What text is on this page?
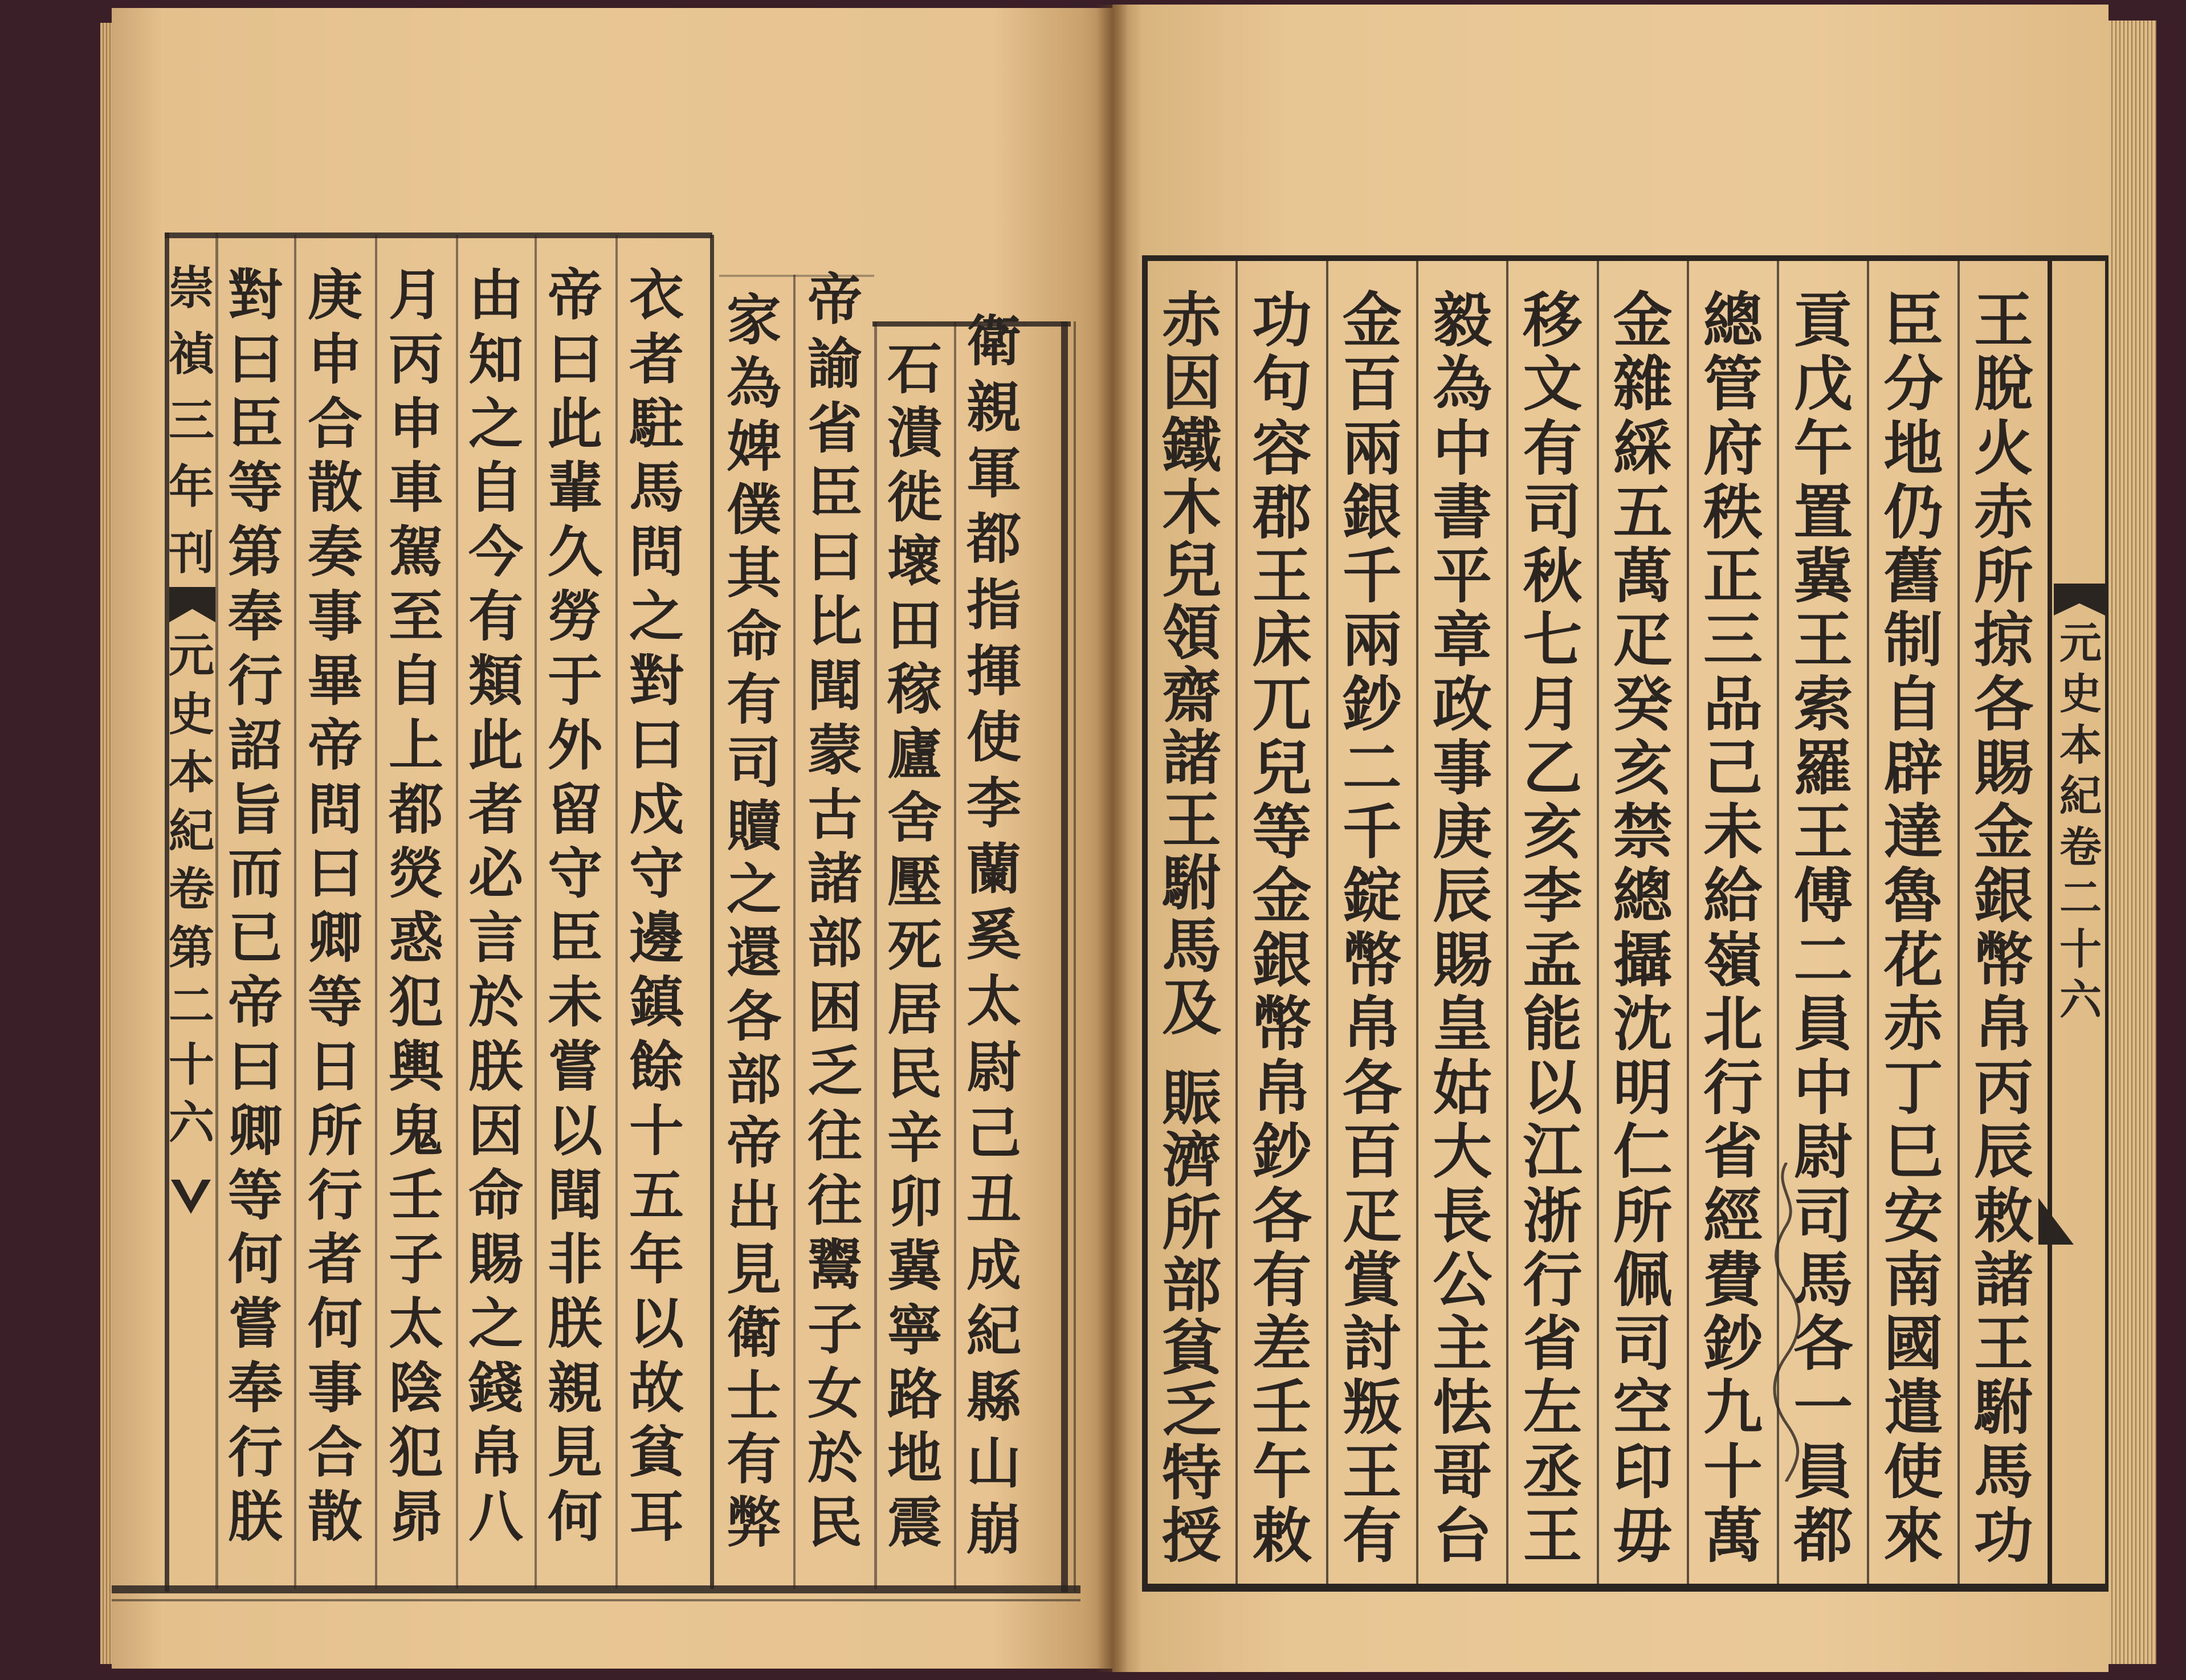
崇
禎
三
年
刊
元
史
本
紀
卷
第
二
十
六
衛
親
軍
都
指
揮
使
李
蘭
奚
太
尉
己
丑
成
紀
縣
山
崩
石
潰
徙
壞
田
稼
廬
舍
壓
死
居
民
辛
卯
冀
寧
路
地
震
帝
諭
省
臣
曰
比
聞
蒙
古
諸
部
困
乏
往
往
鬻
子
女
於
民
家
為
婢
僕
其
命
有
司
贖
之
還
各
部
帝
出
見
衛
士
有
弊
衣
者
駐
馬
問
之
對
曰
戍
守
邊
鎮
餘
十
五
年
以
故
貧
耳
帝
曰
此
輩
久
勞
于
外
留
守
臣
未
嘗
以
聞
非
朕
親
見
何
由
知
之
自
今
有
類
此
者
必
言
於
朕
因
命
賜
之
錢
帛
八
月
丙
申
車
駕
至
自
上
都
熒
惑
犯
輿
鬼
壬
子
太
陰
犯
昴
庚
申
合
散
奏
事
畢
帝
問
曰
卿
等
日
所
行
者
何
事
合
散
對
曰
臣
等
第
奉
行
詔
旨
而
已
帝
曰
卿
等
何
嘗
奉
行
朕
王
脫
火
赤
所
掠
各
賜
金
銀
幣
帛
丙
辰
敕
諸
王
駙
馬
功
臣
分
地
仍
舊
制
自
辟
達
魯
花
赤
丁
巳
安
南
國
遣
使
來
貢
戊
午
置
冀
王
索
羅
王
傅
二
員
中
尉
司
馬
各
一
員
都
總
管
府
秩
正
三
品
己
未
給
嶺
北
行
省
經
費
鈔
九
十
萬
金
雜
綵
五
萬
疋
癸
亥
禁
總
攝
沈
明
仁
所
佩
司
空
印
毋
移
文
有
司
秋
七
月
乙
亥
李
孟
能
以
江
浙
行
省
左
丞
王
毅
為
中
書
平
章
政
事
庚
辰
賜
皇
姑
大
長
公
主
怯
哥
台
金
百
兩
銀
千
兩
鈔
二
千
錠
幣
帛
各
百
疋
賞
討
叛
王
有
功
句
容
郡
王
床
兀
兒
等
金
銀
幣
帛
鈔
各
有
差
壬
午
敕
赤
因
鐵
木
兒
領
齋
諸
王
駙
馬
及
賑
濟
所
部
貧
乏
特
授
元
史
本
紀
卷
二
十
六
